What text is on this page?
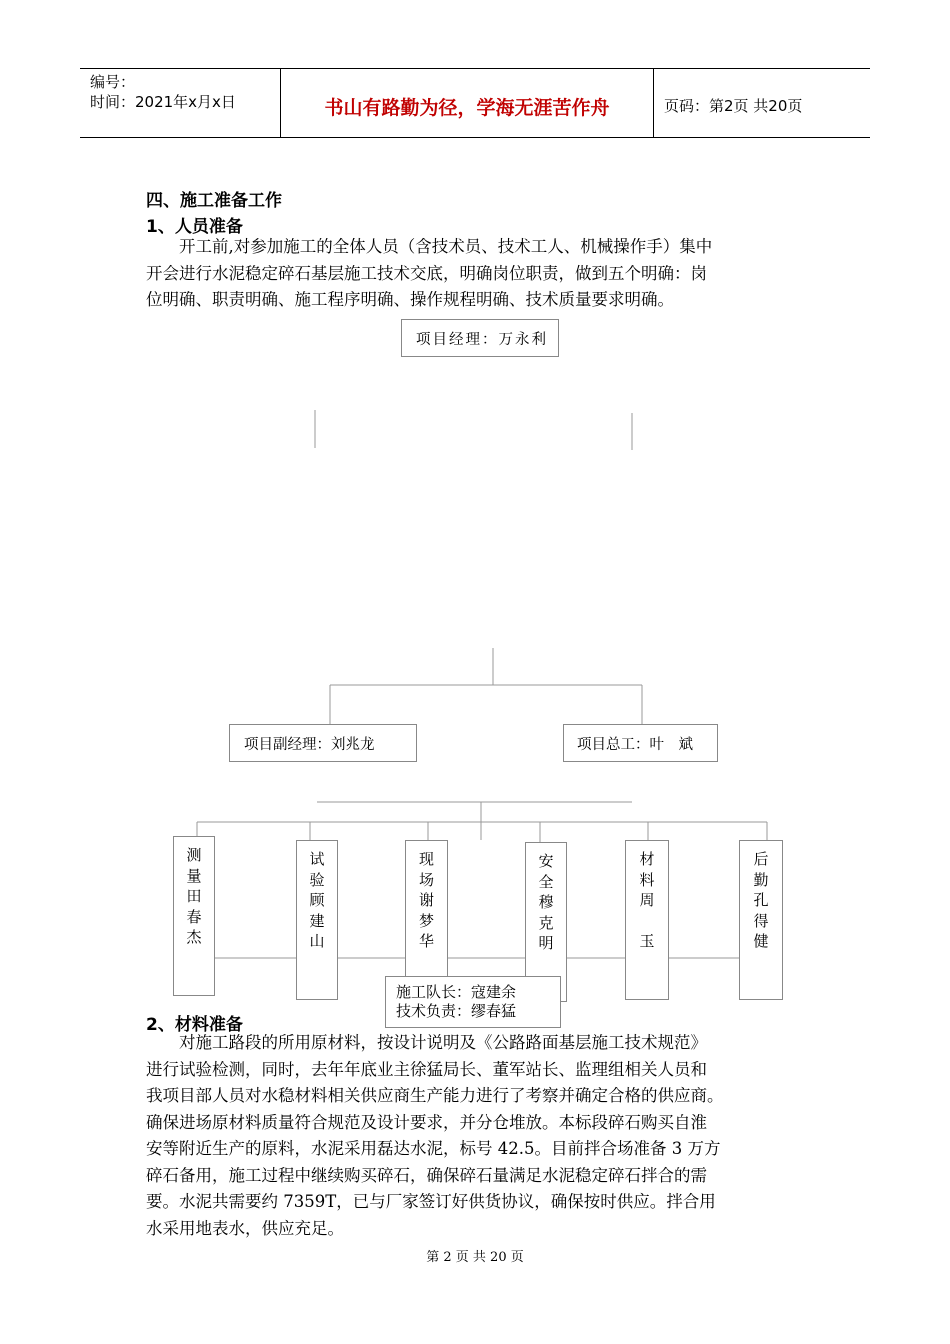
编号：
时间：2021年x月x日	书山有路勤为径，学海无涯苦作舟	页码：第2页 共20页
四、施工准备工作
1、人员准备
开工前,对参加施工的全体人员（含技术员、技术工人、机械操作手）集中
开会进行水泥稳定碎石基层施工技术交底，明确岗位职责，做到五个明确：岗
位明确、职责明确、施工程序明确、操作规程明确、技术质量要求明确。
项目经理：万永利
项目副经理：刘兆龙	项目总工：叶　斌
测
量
田
春
杰
试
验
顾
建
山
现
场
谢
梦
华
安
全
穆
克
明
材
料
周
玉
后
勤
孔
得
健
施工队长：寇建余
技术负责：缪春猛
2、材料准备
对施工路段的所用原材料，按设计说明及《公路路面基层施工技术规范》
进行试验检测，同时，去年年底业主徐猛局长、董军站长、监理组相关人员和
我项目部人员对水稳材料相关供应商生产能力进行了考察并确定合格的供应商。
确保进场原材料质量符合规范及设计要求，并分仓堆放。本标段碎石购买自淮
安等附近生产的原料，水泥采用磊达水泥，标号 42.5。目前拌合场准备 3 万方
碎石备用，施工过程中继续购买碎石，确保碎石量满足水泥稳定碎石拌合的需
要。水泥共需要约 7359T，已与厂家签订好供货协议，确保按时供应。拌合用
水采用地表水，供应充足。
第 2 页 共 20 页
